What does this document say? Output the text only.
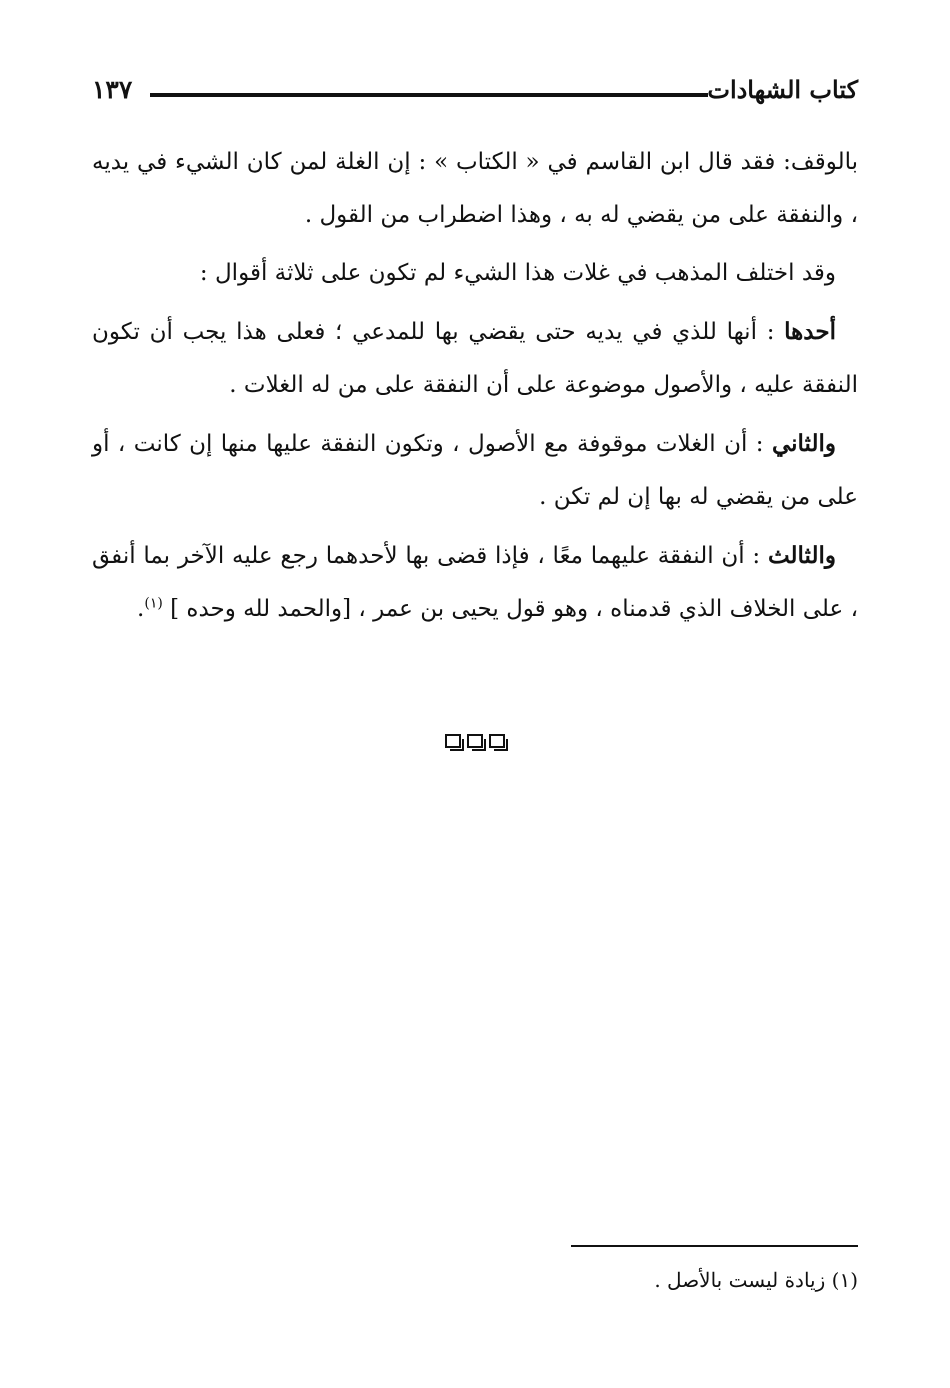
١٣٧	كتاب الشهادات

بالوقف: فقد قال ابن القاسم في « الكتاب » : إن الغلة لمن كان الشيء في يديه ، والنفقة على من يقضي له به ، وهذا اضطراب من القول .

وقد اختلف المذهب في غلات هذا الشيء لم تكون على ثلاثة أقوال :

أحدها : أنها للذي في يديه حتى يقضي بها للمدعي ؛ فعلى هذا يجب أن تكون النفقة عليه ، والأصول موضوعة على أن النفقة على من له الغلات .

والثاني : أن الغلات موقوفة مع الأصول ، وتكون النفقة عليها منها إن كانت ، أو على من يقضي له بها إن لم تكن .

والثالث : أن النفقة عليهما معًا ، فإذا قضى بها لأحدهما رجع عليه الآخر بما أنفق ، على الخلاف الذي قدمناه ، وهو قول يحيى بن عمر ، [والحمد لله وحده ] $^{(١)}$.

(١) زيادة ليست بالأصل .
